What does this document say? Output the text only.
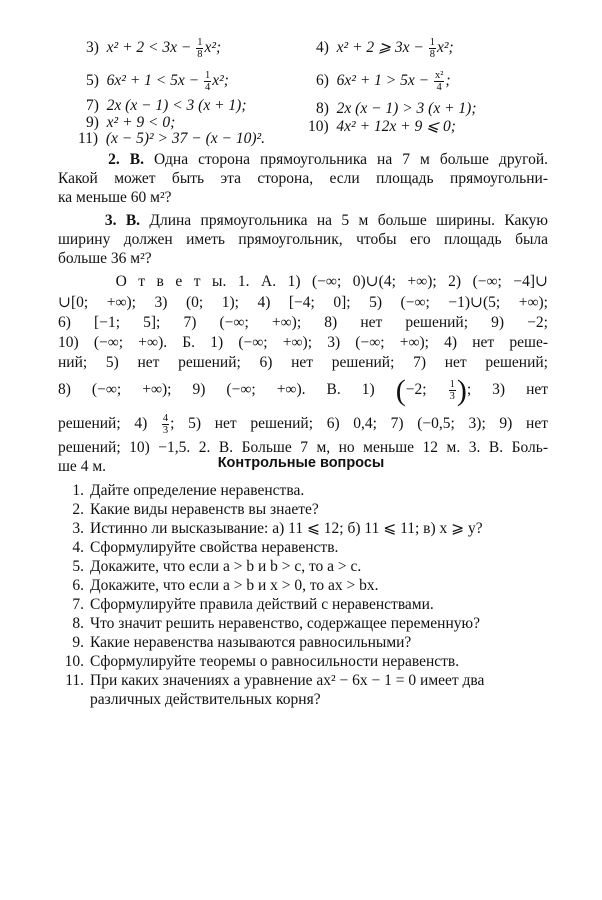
3) $x^2 + 2 < 3x - \frac{1}{8} x^2$;	4) x² + 2 ⩾ $3x - \frac{1}{8} x^2$;
5) $6x^2 + 1 < 5x - \frac{1}{4} x^2$;	6) $6x^2 + 1 > 5x - \frac{\text{x²}}{4}$ ;
7) 2x (x − 1) < 3 (x + 1);	8) 2x (x − 1) > 3 (x + 1);
9) x² + 9 < 0;	10) 4x² + 12x + 9 ⩽ 0;
11) (x − 5)² > 37 − (x − 10)².
2. В. Одна сторона прямоугольника на 7 м больше другой.
Какой может быть эта сторона, если площадь прямоугольни-
ка меньше 60 м²?
3. В. Длина прямоугольника на 5 м больше ширины. Какую
ширину должен иметь прямоугольник, чтобы его площадь была
больше 36 м²?
О т в е т ы. 1. А. 1) (−∞; 0)∪(4; +∞); 2) (−∞; −4]∪
∪[0; +∞); 3) (0; 1); 4) [−4; 0]; 5) (−∞; −1)∪(5; +∞);
6) [−1; 5]; 7) (−∞; +∞); 8) нет решений; 9) −2;
10) (−∞; +∞). Б. 1) (−∞; +∞); 3) (−∞; +∞); 4) нет реше-
ний; 5) нет решений; 6) нет решений; 7) нет решений;
8) (−∞; +∞); 9) (−∞; +∞). В. 1) (−2; $\frac{1}{3}$ ); 3) нет
решений; $4) \frac{4}{3}$ ; 5) нет решений; 6) 0,4; 7) (−0,5; 3); 9) нет
решений; 10) −1,5. 2. В. Больше 7 м, но меньше 12 м. 3. В. Боль-
ше 4 м.	Контрольные вопросы
1. Дайте определение неравенства.
2. Какие виды неравенств вы знаете?
3. Истинно ли высказывание: а) 11 ⩽ 12; б) 11 ⩽ 11; в) x ⩾ y?
4. Сформулируйте свойства неравенств.
5. Докажите, что если a > b и b > c, то a > c.
6. Докажите, что если a > b и x > 0, то ax > bx.
7. Сформулируйте правила действий с неравенствами.
8. Что значит решить неравенство, содержащее переменную?
9. Какие неравенства называются равносильными?
10. Сформулируйте теоремы о равносильности неравенств.
11. При каких значениях a уравнение ax² − 6x − 1 = 0 имеет два
различных действительных корня?
